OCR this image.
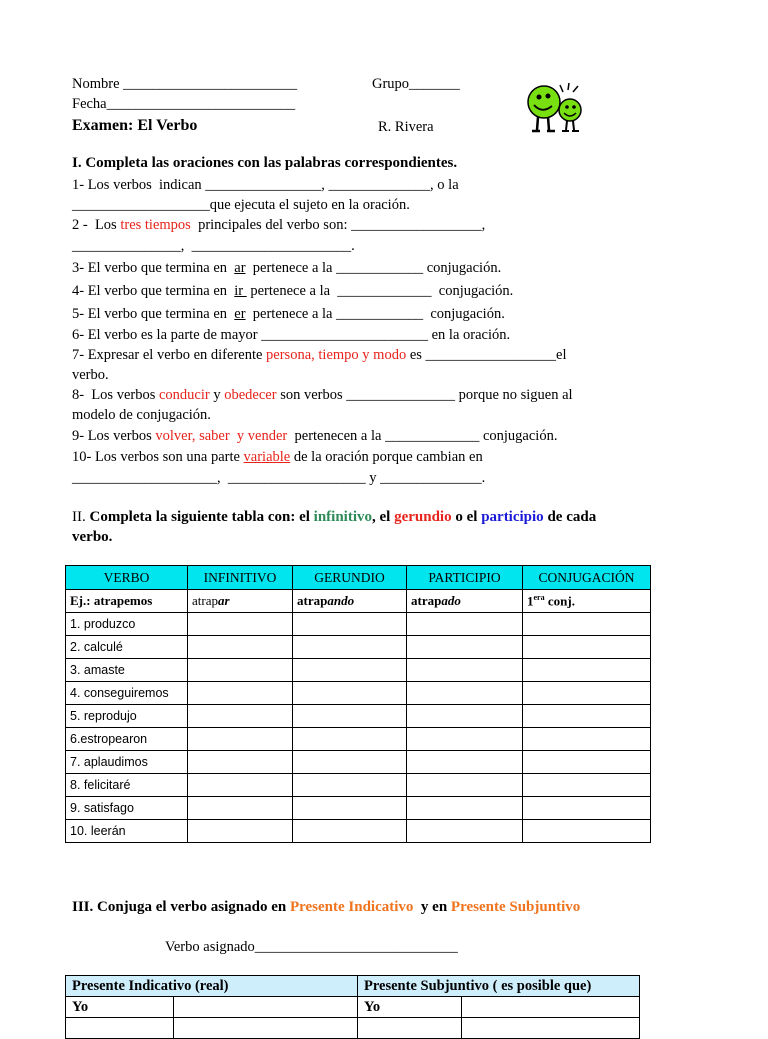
Nombre ________________________	Grupo_______
Fecha__________________________
Examen: El Verbo	R. Rivera
I. Completa las oraciones con las palabras correspondientes.
1- Los verbos  indican ________________, ______________, o la
___________________que ejecuta el sujeto en la oración.
2 -  Los tres tiempos  principales del verbo son: __________________,
_______________,  ______________________.
3- El verbo que termina en  ar  pertenece a la ____________ conjugación.
4- El verbo que termina en  ir  pertenece a la  _____________  conjugación.
5- El verbo que termina en  er  pertenece a la ____________  conjugación.
6- El verbo es la parte de mayor _______________________ en la oración.
7- Expresar el verbo en diferente persona, tiempo y modo es __________________el
verbo.
8-  Los verbos conducir y obedecer son verbos _______________ porque no siguen al
modelo de conjugación.
9- Los verbos volver, saber  y vender  pertenecen a la _____________ conjugación.
10- Los verbos son una parte variable de la oración porque cambian en
____________________,  ___________________ y ______________.
II. Completa la siguiente tabla con: el infinitivo, el gerundio o el participio de cada
verbo.
VERBO	INFINITIVO	GERUNDIO	PARTICIPIO	CONJUGACIÓN
Ej.: atrapemos	atrapar	atrapando	atrapado	$1^{era}$ conj.
1. produzco				
2. calculé				
3. amaste				
4. conseguiremos				
5. reprodujo				
6.estropearon				
7. aplaudimos				
8. felicitaré				
9. satisfago				
10. leerán				
III. Conjuga el verbo asignado en Presente Indicativo  y en Presente Subjuntivo
Verbo asignado____________________________
Presente Indicativo (real)		Presente Subjuntivo ( es posible que)	
Yo		Yo	
